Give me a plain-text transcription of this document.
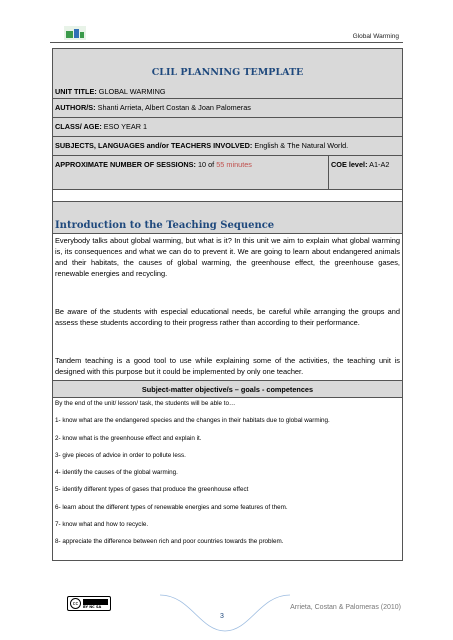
Global Warming
CLIL PLANNING TEMPLATE
UNIT TITLE: GLOBAL WARMING
AUTHOR/S: Shanti Arrieta, Albert Costan & Joan Palomeras
CLASS/ AGE: ESO YEAR 1
SUBJECTS, LANGUAGES and/or TEACHERS INVOLVED: English & The Natural World.
APPROXIMATE NUMBER OF SESSIONS: 10 of 55 minutes	COE level: A1-A2
Introduction to the Teaching Sequence

Everybody talks about global warming, but what is it? In this unit we aim to explain what global warming is, its consequences and what we can do to prevent it. We are going to learn about endangered animals and their habitats, the causes of global warming, the greenhouse effect, the greenhouse gases, renewable energies and recycling.

Be aware of the students with especial educational needs, be careful while arranging the groups and assess these students according to their progress rather than according to their performance.

Tandem teaching is a good tool to use while explaining some of the activities, the teaching unit is designed with this purpose but it could be implemented by only one teacher.

Subject-matter objective/s – goals - competences
By the end of the unit/ lesson/ task, the students will be able to…
1- know what are the endangered species and the changes in their habitats due to global warming.
2- know what is the greenhouse effect and explain it.
3- give pieces of advice in order to pollute less.
4- identify the causes of the global warming.
5- identify different types of gases that produce the greenhouse effect
6- learn about the different types of renewable energies and some features of them.
7- know what and how to recycle.
8- appreciate the difference between rich and poor countries towards the problem.
cc	BY NC SA
3
Arrieta, Costan & Palomeras (2010)
